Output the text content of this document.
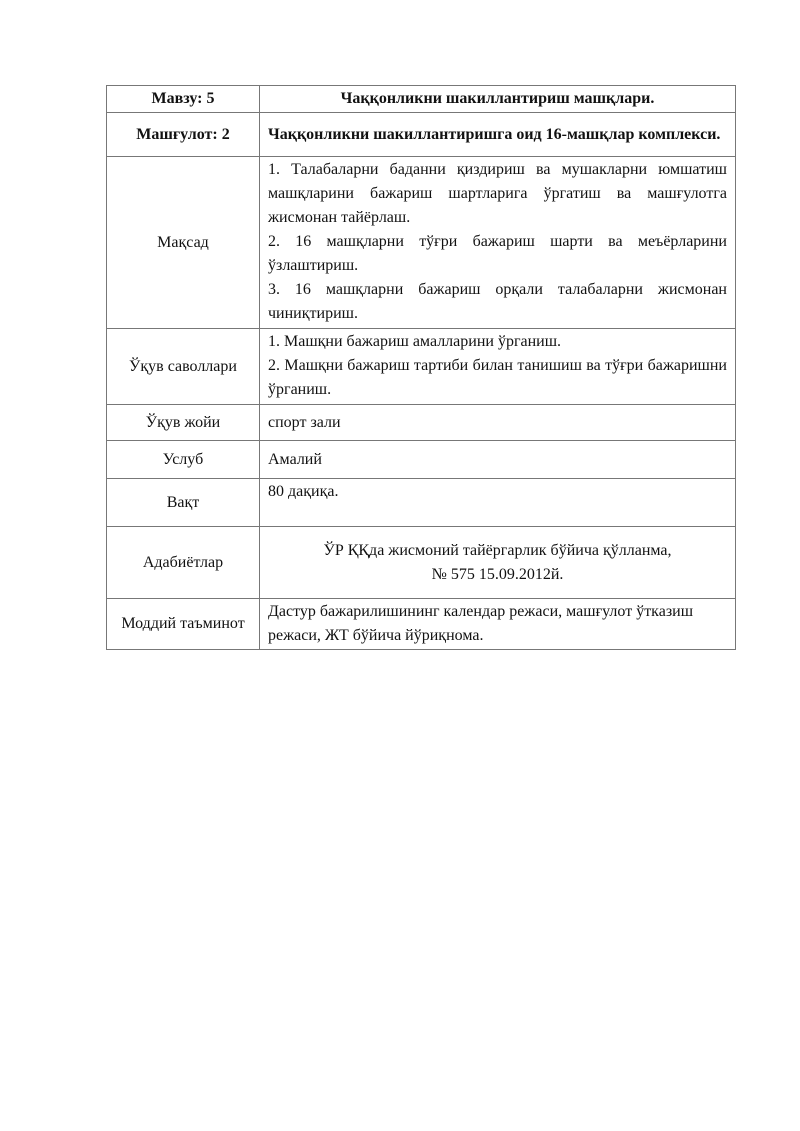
Мавзу: 5	Чаққонликни шакиллантириш машқлари.
Машғулот: 2	Чаққонликни шакиллантиришга оид 16-машқлар комплекси.
Мақсад	1. Талабаларни баданни қиздириш ва мушакларни юмшатиш машқларини бажариш шартларига ўргатиш ва машғулотга жисмонан тайёрлаш.

2. 16 машқларни тўғри бажариш шарти ва меъёрларини ўзлаштириш.

3. 16 машқларни бажариш орқали талабаларни жисмонан чиниқтириш.

Ўқув саволлари	1. Машқни бажариш амалларини ўрганиш.

2. Машқни бажариш тартиби билан танишиш ва тўғри бажаришни ўрганиш.

Ўқув жойи	спорт зали
Услуб	Амалий
Вақт	80 дақиқа.
Адабиётлар	ЎР ҚҚда жисмоний тайёргарлик бўйича қўлланма,
№ 575 15.09.2012й.

Моддий таъминот	Дастур бажарилишининг календар режаси, машғулот ўтказиш режаси, ЖТ бўйича йўриқнома.
